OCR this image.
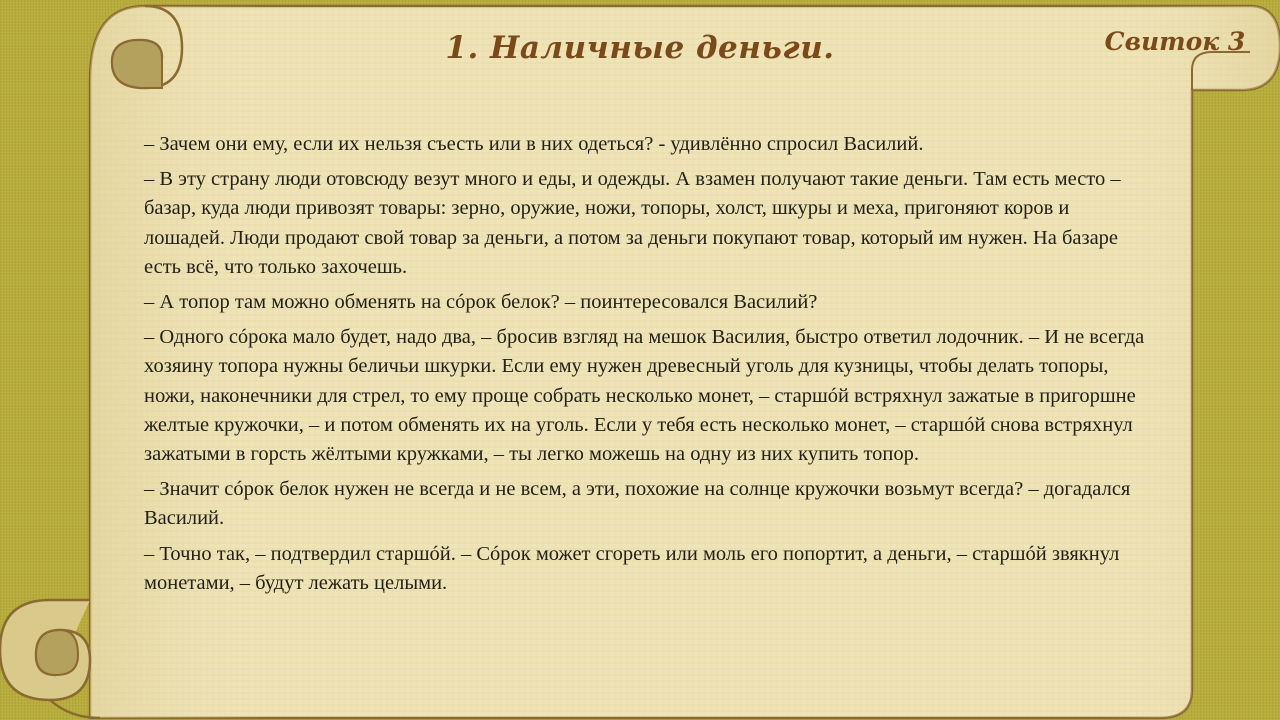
1. Наличные деньги.	Свиток 3

– Зачем они ему, если их нельзя съесть или в них одеться? - удивлённо спросил Василий.

– В эту страну люди отовсюду везут много и еды, и одежды. А взамен получают такие деньги. Там есть место – базар, куда люди привозят товары: зерно, оружие, ножи, топоры, холст, шкуры и меха, пригоняют коров и лошадей. Люди продают свой товар за деньги, а потом за деньги покупают товар, который им нужен. На базаре есть всё, что только захочешь.

– А топор там можно обменять на сóрок белок? – поинтересовался Василий?

– Одного сóрока мало будет, надо два, – бросив взгляд на мешок Василия, быстро ответил лодочник. – И не всегда хозяину топора нужны беличьи шкурки. Если ему нужен древесный уголь для кузницы, чтобы делать топоры, ножи, наконечники для стрел, то ему проще собрать несколько монет, – старшóй встряхнул зажатые в пригоршне желтые кружочки, – и потом обменять их на уголь. Если у тебя есть несколько монет, – старшóй снова встряхнул зажатыми в горсть жёлтыми кружками, – ты легко можешь на одну из них купить топор.

– Значит сóрок белок нужен не всегда и не всем, а эти, похожие на солнце кружочки возьмут всегда? – догадался Василий.

– Точно так, – подтвердил старшóй. – Сóрок может сгореть или моль его попортит, а деньги, – старшóй звякнул монетами, – будут лежать целыми.
